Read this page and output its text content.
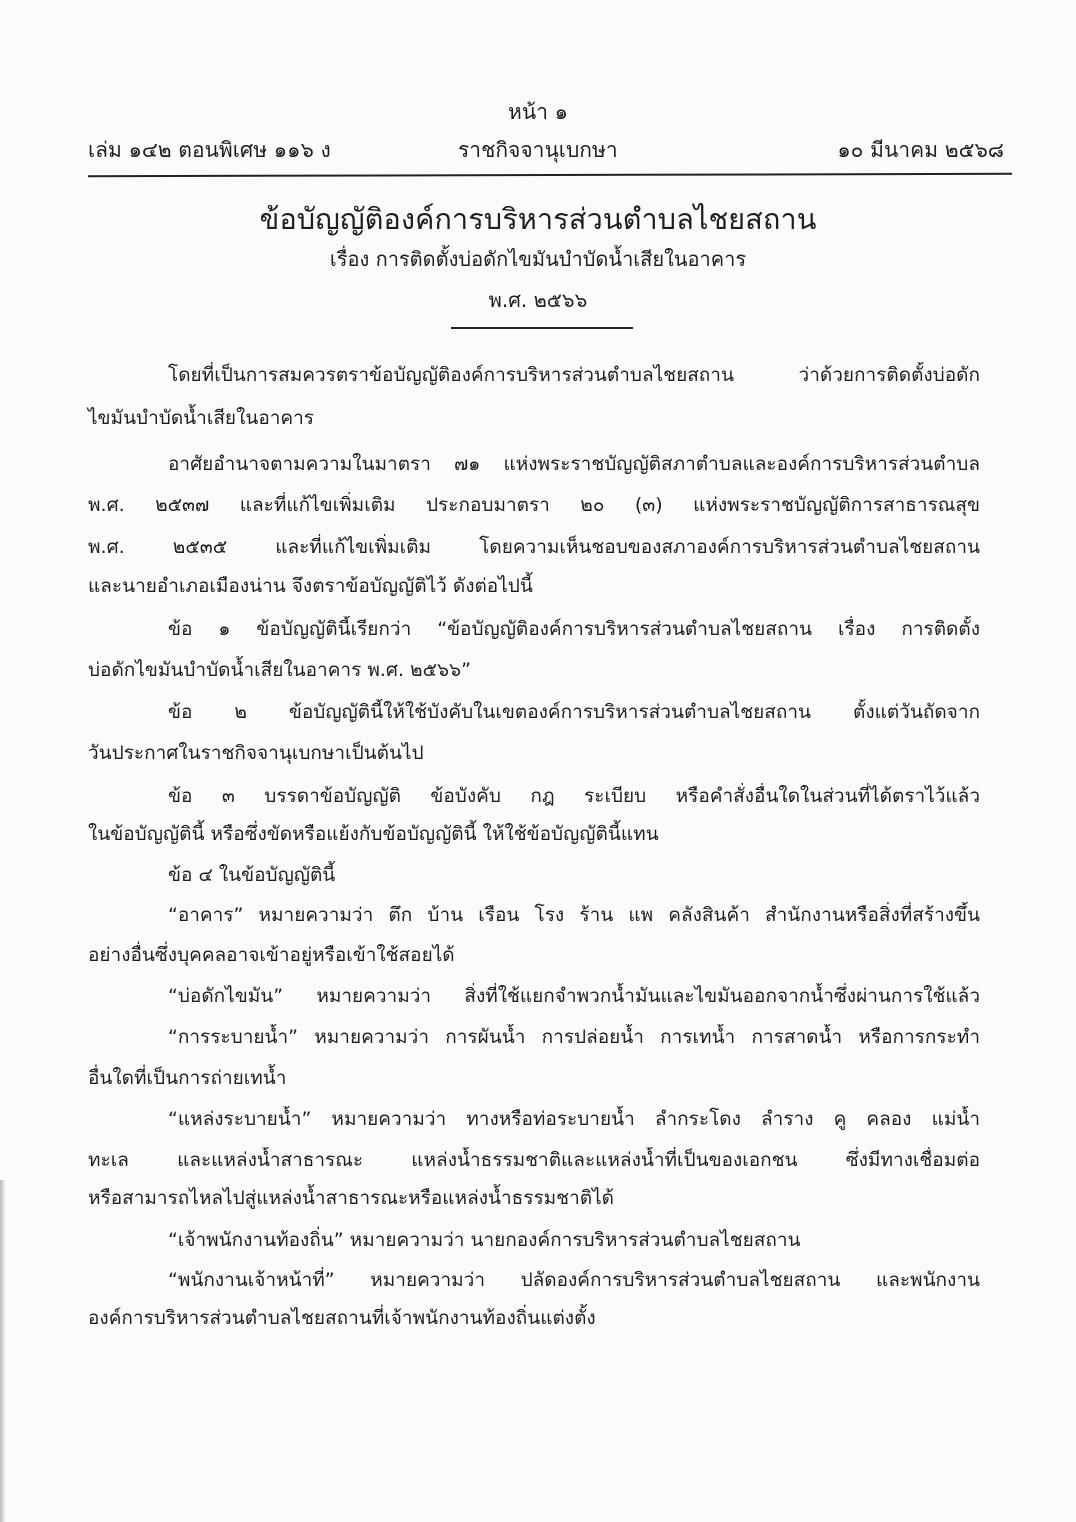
หน้า ๑
เล่ม ๑๔๒ ตอนพิเศษ ๑๑๖ ง	ราชกิจจานุเบกษา	๑๐ มีนาคม ๒๕๖๘
ข้อบัญญัติองค์การบริหารส่วนตำบลไชยสถาน
เรื่อง การติดตั้งบ่อดักไขมันบำบัดน้ำเสียในอาคาร
พ.ศ. ๒๕๖๖
โดยที่เป็นการสมควรตราข้อบัญญัติองค์การบริหารส่วนตำบลไชยสถาน ว่าด้วยการติดตั้งบ่อดัก
ไขมันบำบัดน้ำเสียในอาคาร
อาศัยอำนาจตามความในมาตรา ๗๑ แห่งพระราชบัญญัติสภาตำบลและองค์การบริหารส่วนตำบล
พ.ศ. ๒๕๓๗ และที่แก้ไขเพิ่มเติม ประกอบมาตรา ๒๐ (๓) แห่งพระราชบัญญัติการสาธารณสุข
พ.ศ. ๒๕๓๕ และที่แก้ไขเพิ่มเติม โดยความเห็นชอบของสภาองค์การบริหารส่วนตำบลไชยสถาน
และนายอำเภอเมืองน่าน จึงตราข้อบัญญัติไว้ ดังต่อไปนี้
ข้อ ๑ ข้อบัญญัตินี้เรียกว่า “ข้อบัญญัติองค์การบริหารส่วนตำบลไชยสถาน เรื่อง การติดตั้ง
บ่อดักไขมันบำบัดน้ำเสียในอาคาร พ.ศ. ๒๕๖๖”
ข้อ ๒ ข้อบัญญัตินี้ให้ใช้บังคับในเขตองค์การบริหารส่วนตำบลไชยสถาน ตั้งแต่วันถัดจาก
วันประกาศในราชกิจจานุเบกษาเป็นต้นไป
ข้อ ๓ บรรดาข้อบัญญัติ ข้อบังคับ กฎ ระเบียบ หรือคำสั่งอื่นใดในส่วนที่ได้ตราไว้แล้ว
ในข้อบัญญัตินี้ หรือซึ่งขัดหรือแย้งกับข้อบัญญัตินี้ ให้ใช้ข้อบัญญัตินี้แทน
ข้อ ๔ ในข้อบัญญัตินี้
“อาคาร” หมายความว่า ตึก บ้าน เรือน โรง ร้าน แพ คลังสินค้า สำนักงานหรือสิ่งที่สร้างขึ้น
อย่างอื่นซึ่งบุคคลอาจเข้าอยู่หรือเข้าใช้สอยได้
“บ่อดักไขมัน” หมายความว่า สิ่งที่ใช้แยกจำพวกน้ำมันและไขมันออกจากน้ำซึ่งผ่านการใช้แล้ว
“การระบายน้ำ” หมายความว่า การผันน้ำ การปล่อยน้ำ การเทน้ำ การสาดน้ำ หรือการกระทำ
อื่นใดที่เป็นการถ่ายเทน้ำ
“แหล่งระบายน้ำ” หมายความว่า ทางหรือท่อระบายน้ำ ลำกระโดง ลำราง คู คลอง แม่น้ำ
ทะเล และแหล่งน้ำสาธารณะ แหล่งน้ำธรรมชาติและแหล่งน้ำที่เป็นของเอกชน ซึ่งมีทางเชื่อมต่อ
หรือสามารถไหลไปสู่แหล่งน้ำสาธารณะหรือแหล่งน้ำธรรมชาติได้
“เจ้าพนักงานท้องถิ่น” หมายความว่า นายกองค์การบริหารส่วนตำบลไชยสถาน
“พนักงานเจ้าหน้าที่” หมายความว่า ปลัดองค์การบริหารส่วนตำบลไชยสถาน และพนักงาน
องค์การบริหารส่วนตำบลไชยสถานที่เจ้าพนักงานท้องถิ่นแต่งตั้ง
